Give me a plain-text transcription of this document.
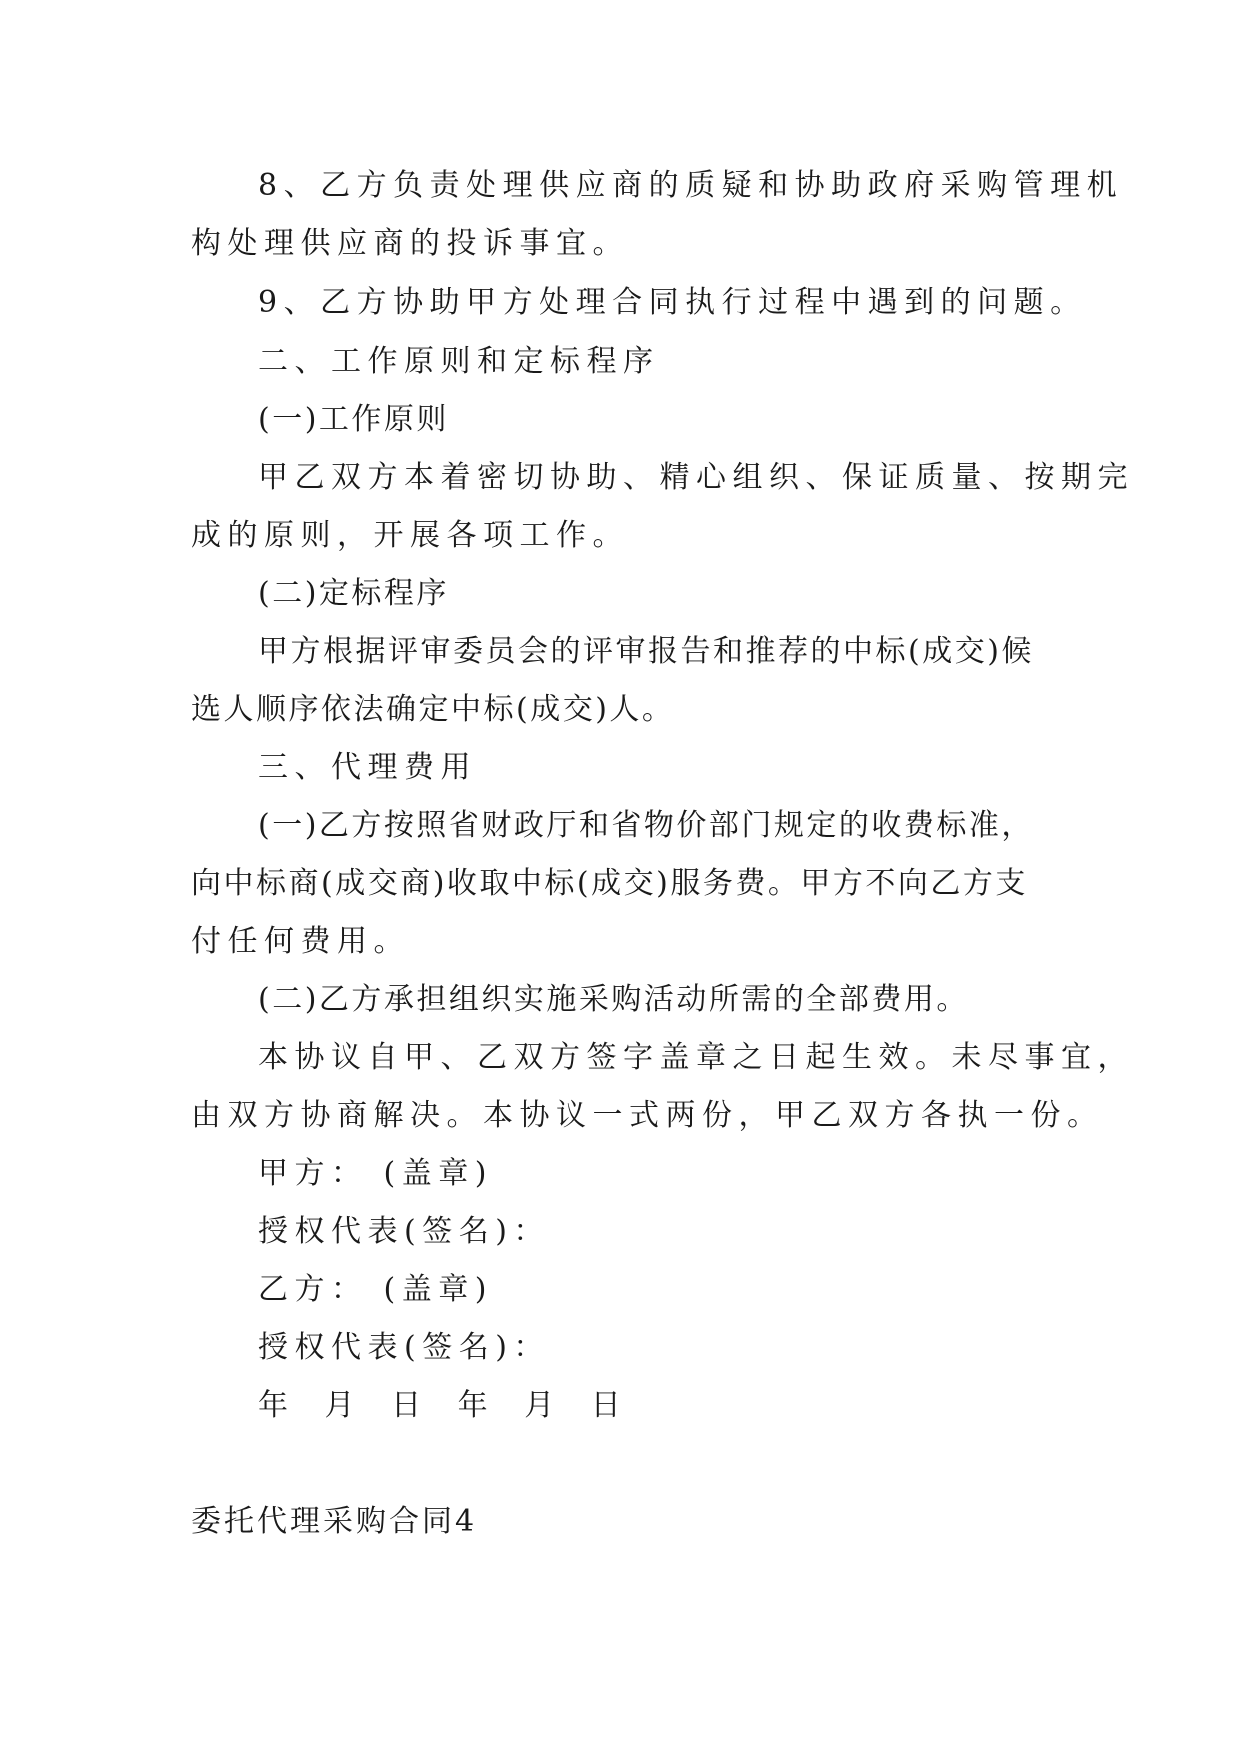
8、乙方负责处理供应商的质疑和协助政府采购管理机
构处理供应商的投诉事宜。
9、乙方协助甲方处理合同执行过程中遇到的问题。
二、工作原则和定标程序
(一)工作原则
甲乙双方本着密切协助、精心组织、保证质量、按期完
成的原则，开展各项工作。
(二)定标程序
甲方根据评审委员会的评审报告和推荐的中标(成交)候
选人顺序依法确定中标(成交)人。
三、代理费用
(一)乙方按照省财政厅和省物价部门规定的收费标准，
向中标商(成交商)收取中标(成交)服务费。甲方不向乙方支
付任何费用。
(二)乙方承担组织实施采购活动所需的全部费用。
本协议自甲、乙双方签字盖章之日起生效。未尽事宜，
由双方协商解决。本协议一式两份，甲乙双方各执一份。
甲方： (盖章)
授权代表(签名)：
乙方： (盖章)
授权代表(签名)：
年 月 日 年 月 日
委托代理采购合同4
